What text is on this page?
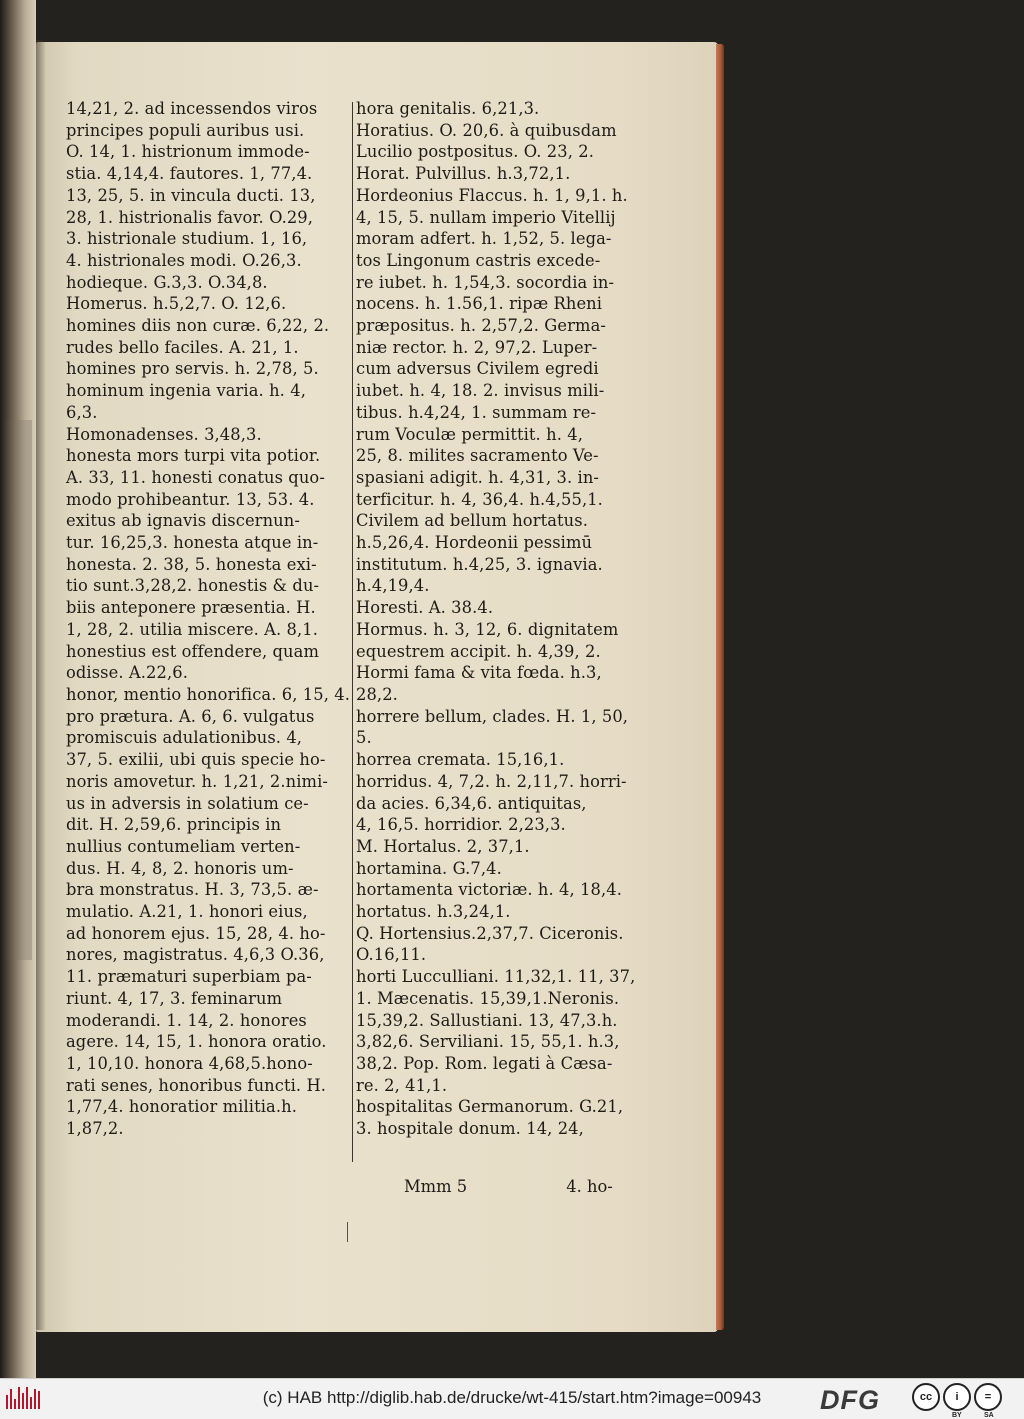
14,21, 2. ad incessendos viros
principes populi auribus usi.
O. 14, 1. histrionum immode-
stia. 4,14,4. fautores. 1, 77,4.
13, 25, 5. in vincula ducti. 13,
28, 1. histrionalis favor. O.29,
3. histrionale studium. 1, 16,
4. histrionales modi. O.26,3.
hodieque. G.3,3. O.34,8.
Homerus. h.5,2,7. O. 12,6.
homines diis non curæ. 6,22, 2.
rudes bello faciles. A. 21, 1.
homines pro servis. h. 2,78, 5.
hominum ingenia varia. h. 4,
6,3.
Homonadenses. 3,48,3.
honesta mors turpi vita potior.
A. 33, 11. honesti conatus quo-
modo prohibeantur. 13, 53. 4.
exitus ab ignavis discernun-
tur. 16,25,3. honesta atque in-
honesta. 2. 38, 5. honesta exi-
tio sunt.3,28,2. honestis & du-
biis anteponere præsentia. H.
1, 28, 2. utilia miscere. A. 8,1.
honestius est offendere, quam
odisse. A.22,6.
honor, mentio honorifica. 6, 15, 4.
pro prætura. A. 6, 6. vulgatus
promiscuis adulationibus. 4,
37, 5. exilii, ubi quis specie ho-
noris amovetur. h. 1,21, 2.nimi-
us in adversis in solatium ce-
dit. H. 2,59,6. principis in
nullius contumeliam verten-
dus. H. 4, 8, 2. honoris um-
bra monstratus. H. 3, 73,5. æ-
mulatio. A.21, 1. honori eius,
ad honorem ejus. 15, 28, 4. ho-
nores, magistratus. 4,6,3 O.36,
11. præmaturi superbiam pa-
riunt. 4, 17, 3. feminarum
moderandi. 1. 14, 2. honores
agere. 14, 15, 1. honora oratio.
1, 10,10. honora 4,68,5.hono-
rati senes, honoribus functi. H.
1,77,4. honoratior militia.h.
1,87,2.
hora genitalis. 6,21,3.
Horatius. O. 20,6. à quibusdam
Lucilio postpositus. O. 23, 2.
Horat. Pulvillus. h.3,72,1.
Hordeonius Flaccus. h. 1, 9,1. h.
4, 15, 5. nullam imperio Vitellij
moram adfert. h. 1,52, 5. lega-
tos Lingonum castris excede-
re iubet. h. 1,54,3. socordia in-
nocens. h. 1.56,1. ripæ Rheni
præpositus. h. 2,57,2. Germa-
niæ rector. h. 2, 97,2. Luper-
cum adversus Civilem egredi
iubet. h. 4, 18. 2. invisus mili-
tibus. h.4,24, 1. summam re-
rum Voculæ permittit. h. 4,
25, 8. milites sacramento Ve-
spasiani adigit. h. 4,31, 3. in-
terficitur. h. 4, 36,4. h.4,55,1.
Civilem ad bellum hortatus.
h.5,26,4. Hordeonii pessimū
institutum. h.4,25, 3. ignavia.
h.4,19,4.
Horesti. A. 38.4.
Hormus. h. 3, 12, 6. dignitatem
equestrem accipit. h. 4,39, 2.
Hormi fama & vita fœda. h.3,
28,2.
horrere bellum, clades. H. 1, 50,
5.
horrea cremata. 15,16,1.
horridus. 4, 7,2. h. 2,11,7. horri-
da acies. 6,34,6. antiquitas,
4, 16,5. horridior. 2,23,3.
M. Hortalus. 2, 37,1.
hortamina. G.7,4.
hortamenta victoriæ. h. 4, 18,4.
hortatus. h.3,24,1.
Q. Hortensius.2,37,7. Ciceronis.
O.16,11.
horti Lucculliani. 11,32,1. 11, 37,
1. Mæcenatis. 15,39,1.Neronis.
15,39,2. Sallustiani. 13, 47,3.h.
3,82,6. Serviliani. 15, 55,1. h.3,
38,2. Pop. Rom. legati à Cæsa-
re. 2, 41,1.
hospitalitas Germanorum. G.21,
3. hospitale donum. 14, 24,
Mmm 5	4. ho-
(c) HAB http://diglib.hab.de/drucke/wt-415/start.htm?image=00943	DFG	cc	i	=
BY	SA
